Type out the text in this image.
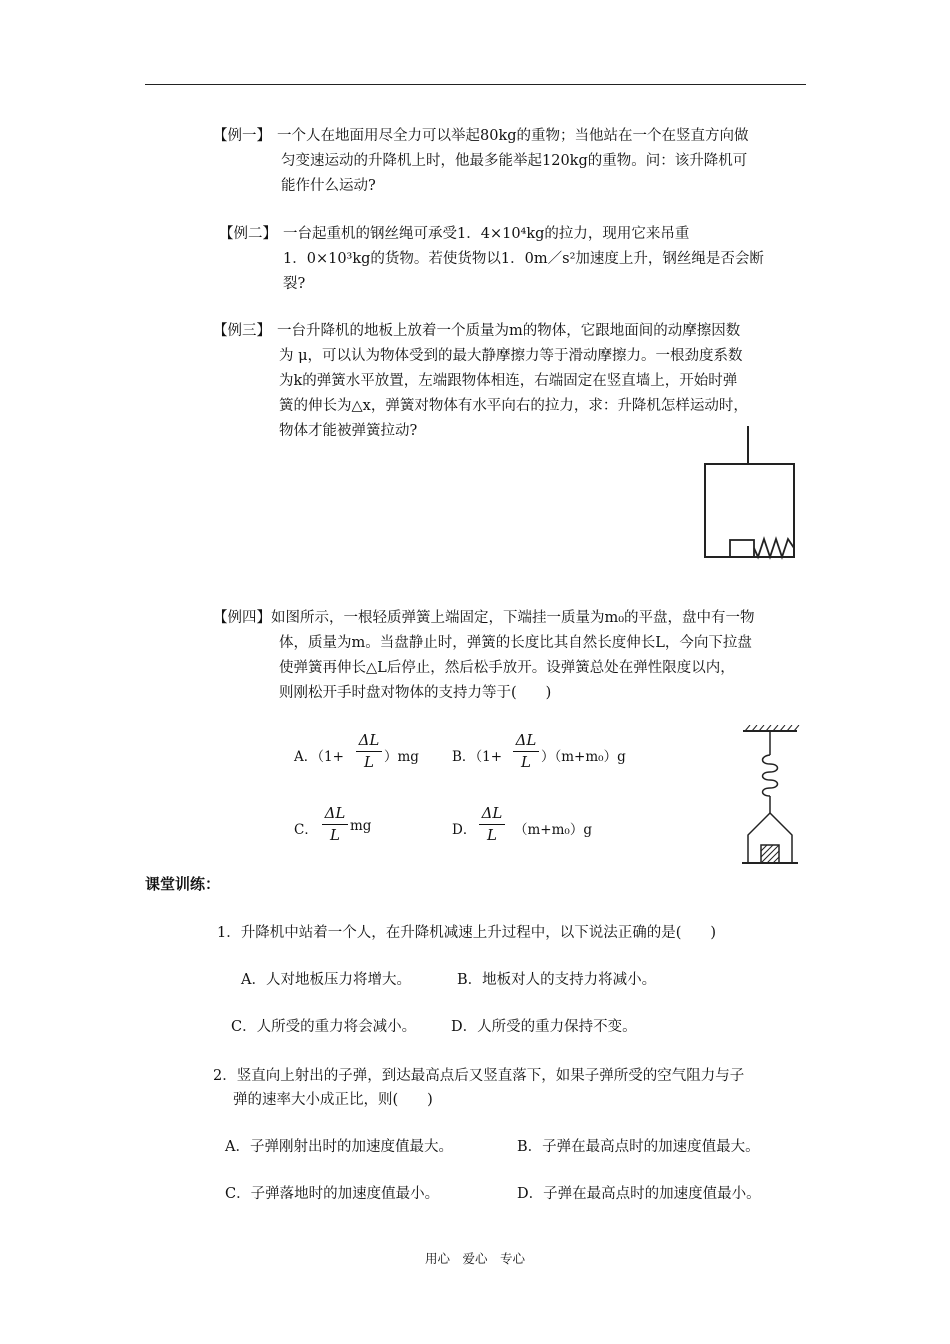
【例一】 一个人在地面用尽全力可以举起80kg的重物；当他站在一个在竖直方向做
匀变速运动的升降机上时，他最多能举起120kg的重物。问：该升降机可
能作什么运动?
【例二】 一台起重机的钢丝绳可承受1．4×10⁴kg的拉力，现用它来吊重
1．0×10³kg的货物。若使货物以1．0m／s²加速度上升，钢丝绳是否会断
裂?
【例三】 一台升降机的地板上放着一个质量为m的物体，它跟地面间的动摩擦因数
为 μ，可以认为物体受到的最大静摩擦力等于滑动摩擦力。一根劲度系数
为k的弹簧水平放置，左端跟物体相连，右端固定在竖直墙上，开始时弹
簧的伸长为△x，弹簧对物体有水平向右的拉力，求：升降机怎样运动时，
物体才能被弹簧拉动?
【例四】 如图所示，一根轻质弹簧上端固定，下端挂一质量为m₀的平盘，盘中有一物
体，质量为m。当盘静止时，弹簧的长度比其自然长度伸长L，今向下拉盘
使弹簧再伸长△L后停止，然后松手放开。设弹簧总处在弹性限度以内，
则刚松开手时盘对物体的支持力等于(　　)
A．（1+
ΔL
L ）mg B．（1+
ΔL
L ）（m+m₀）g
C．
ΔL
L mg	D．
ΔL
L （m+m₀）g
课堂训练：
1．升降机中站着一个人，在升降机减速上升过程中，以下说法正确的是(　　)
A．人对地板压力将增大。	B．地板对人的支持力将减小。
C．人所受的重力将会减小。 D．人所受的重力保持不变。
2．竖直向上射出的子弹，到达最高点后又竖直落下，如果子弹所受的空气阻力与子
弹的速率大小成正比，则(　　)
A．子弹刚射出时的加速度值最大。	B．子弹在最高点时的加速度值最大。
C．子弹落地时的加速度值最小。	D．子弹在最高点时的加速度值最小。
用心　爱心　专心
